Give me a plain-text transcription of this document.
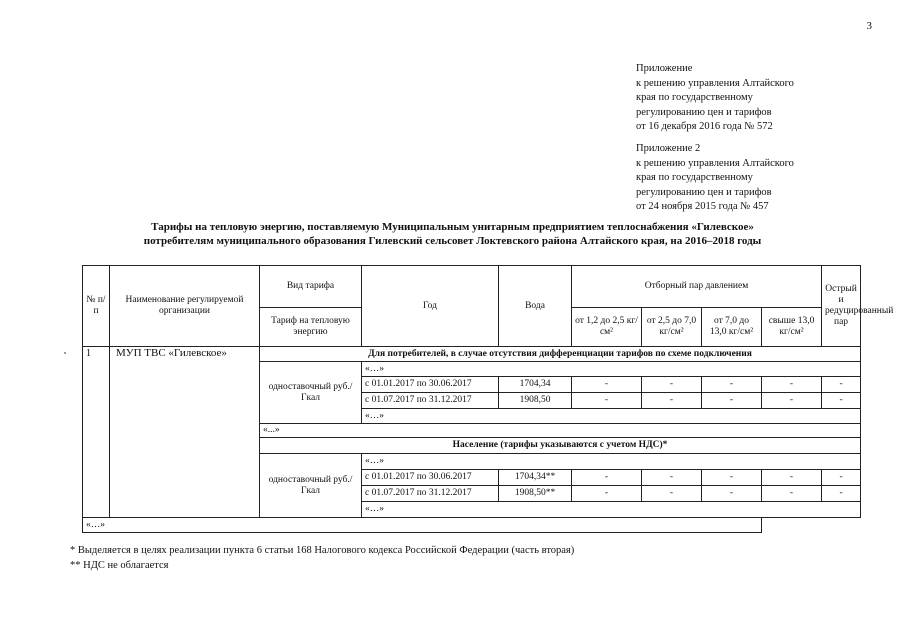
3
Приложение
к решению управления Алтайского
края по государственному
регулированию цен и тарифов
от 16 декабря 2016 года № 572
Приложение 2
к решению управления Алтайского
края по государственному
регулированию цен и тарифов
от 24 ноября 2015 года № 457
Тарифы на тепловую энергию, поставляемую Муниципальным унитарным предприятием теплоснабжения «Гилевское»
потребителям муниципального образования Гилевский сельсовет Локтевского района Алтайского края, на 2016–2018 годы
№ п/п	Наименование регулируемой организации	Вид тарифа	Год	Вода	Отборный пар давлением				Острый и редуцированный пар
		Тариф на тепловую энергию			от 1,2 до 2,5 кг/см²	от 2,5 до 7,0 кг/см²	от 7,0 до 13,0 кг/см²	свыше 13,0 кг/см²	
1	МУП ТВС «Гилевское»	Для потребителей, в случае отсутствия дифференциации тарифов по схеме подключения							
		одноставочный руб./Гкал	«…»						
			с 01.01.2017 по 30.06.2017	1704,34	-	-	-	-	-
			с 01.07.2017 по 31.12.2017	1908,50	-	-	-	-	-
			«…»						
		«...»							
		Население (тарифы указываются с учетом НДС)*							
		одноставочный руб./Гкал	«…»						
			с 01.01.2017 по 30.06.2017	1704,34**	-	-	-	-	-
			с 01.07.2017 по 31.12.2017	1908,50**	-	-	-	-	-
			«…»						
«…»									
* Выделяется в целях реализации пункта 6 статьи 168 Налогового кодекса Российской Федерации (часть вторая)
** НДС не облагается
